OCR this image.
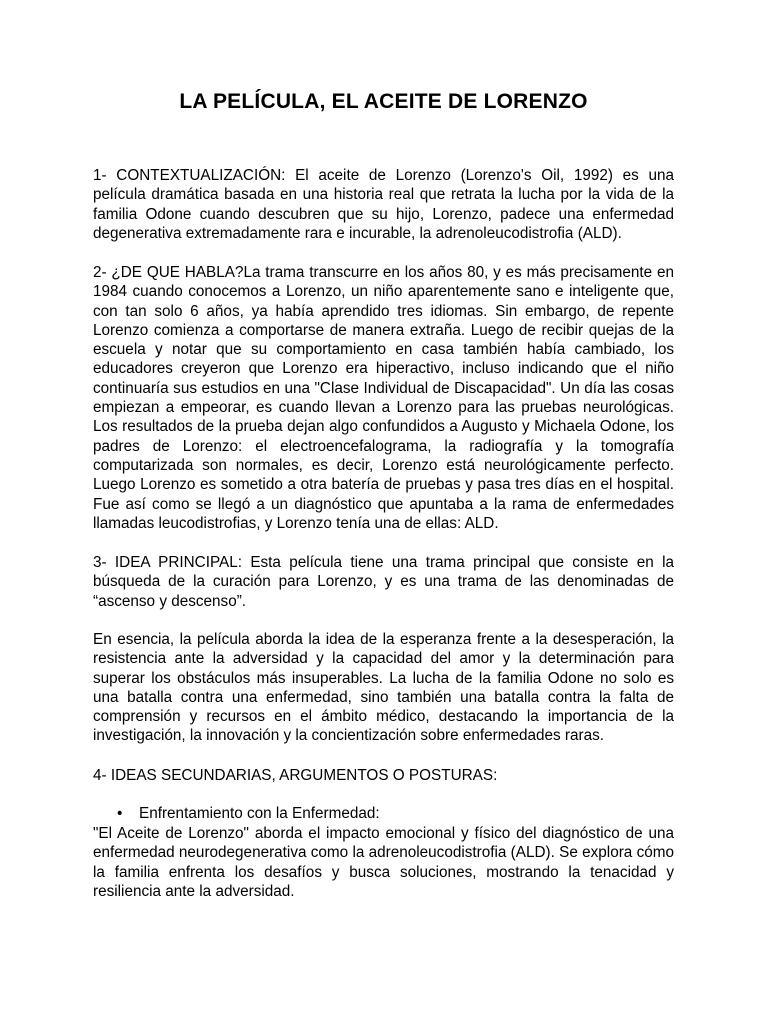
LA PELÍCULA, EL ACEITE DE LORENZO

1- CONTEXTUALIZACIÓN: El aceite de Lorenzo (Lorenzo's Oil, 1992) es una película dramática basada en una historia real que retrata la lucha por la vida de la familia Odone cuando descubren que su hijo, Lorenzo, padece una enfermedad degenerativa extremadamente rara e incurable, la adrenoleucodistrofia (ALD).

2- ¿DE QUE HABLA?La trama transcurre en los años 80, y es más precisamente en 1984 cuando conocemos a Lorenzo, un niño aparentemente sano e inteligente que, con tan solo 6 años, ya había aprendido tres idiomas. Sin embargo, de repente Lorenzo comienza a comportarse de manera extraña. Luego de recibir quejas de la escuela y notar que su comportamiento en casa también había cambiado, los educadores creyeron que Lorenzo era hiperactivo, incluso indicando que el niño continuaría sus estudios en una "Clase Individual de Discapacidad". Un día las cosas empiezan a empeorar, es cuando llevan a Lorenzo para las pruebas neurológicas. Los resultados de la prueba dejan algo confundidos a Augusto y Michaela Odone, los padres de Lorenzo: el electroencefalograma, la radiografía y la tomografía computarizada son normales, es decir, Lorenzo está neurológicamente perfecto. Luego Lorenzo es sometido a otra batería de pruebas y pasa tres días en el hospital. Fue así como se llegó a un diagnóstico que apuntaba a la rama de enfermedades llamadas leucodistrofias, y Lorenzo tenía una de ellas: ALD.

3- IDEA PRINCIPAL: Esta película tiene una trama principal que consiste en la búsqueda de la curación para Lorenzo, y es una trama de las denominadas de “ascenso y descenso”.

En esencia, la película aborda la idea de la esperanza frente a la desesperación, la resistencia ante la adversidad y la capacidad del amor y la determinación para superar los obstáculos más insuperables. La lucha de la familia Odone no solo es una batalla contra una enfermedad, sino también una batalla contra la falta de comprensión y recursos en el ámbito médico, destacando la importancia de la investigación, la innovación y la concientización sobre enfermedades raras.

4- IDEAS SECUNDARIAS, ARGUMENTOS O POSTURAS:

• Enfrentamiento con la Enfermedad:

"El Aceite de Lorenzo" aborda el impacto emocional y físico del diagnóstico de una enfermedad neurodegenerativa como la adrenoleucodistrofia (ALD). Se explora cómo la familia enfrenta los desafíos y busca soluciones, mostrando la tenacidad y resiliencia ante la adversidad.
